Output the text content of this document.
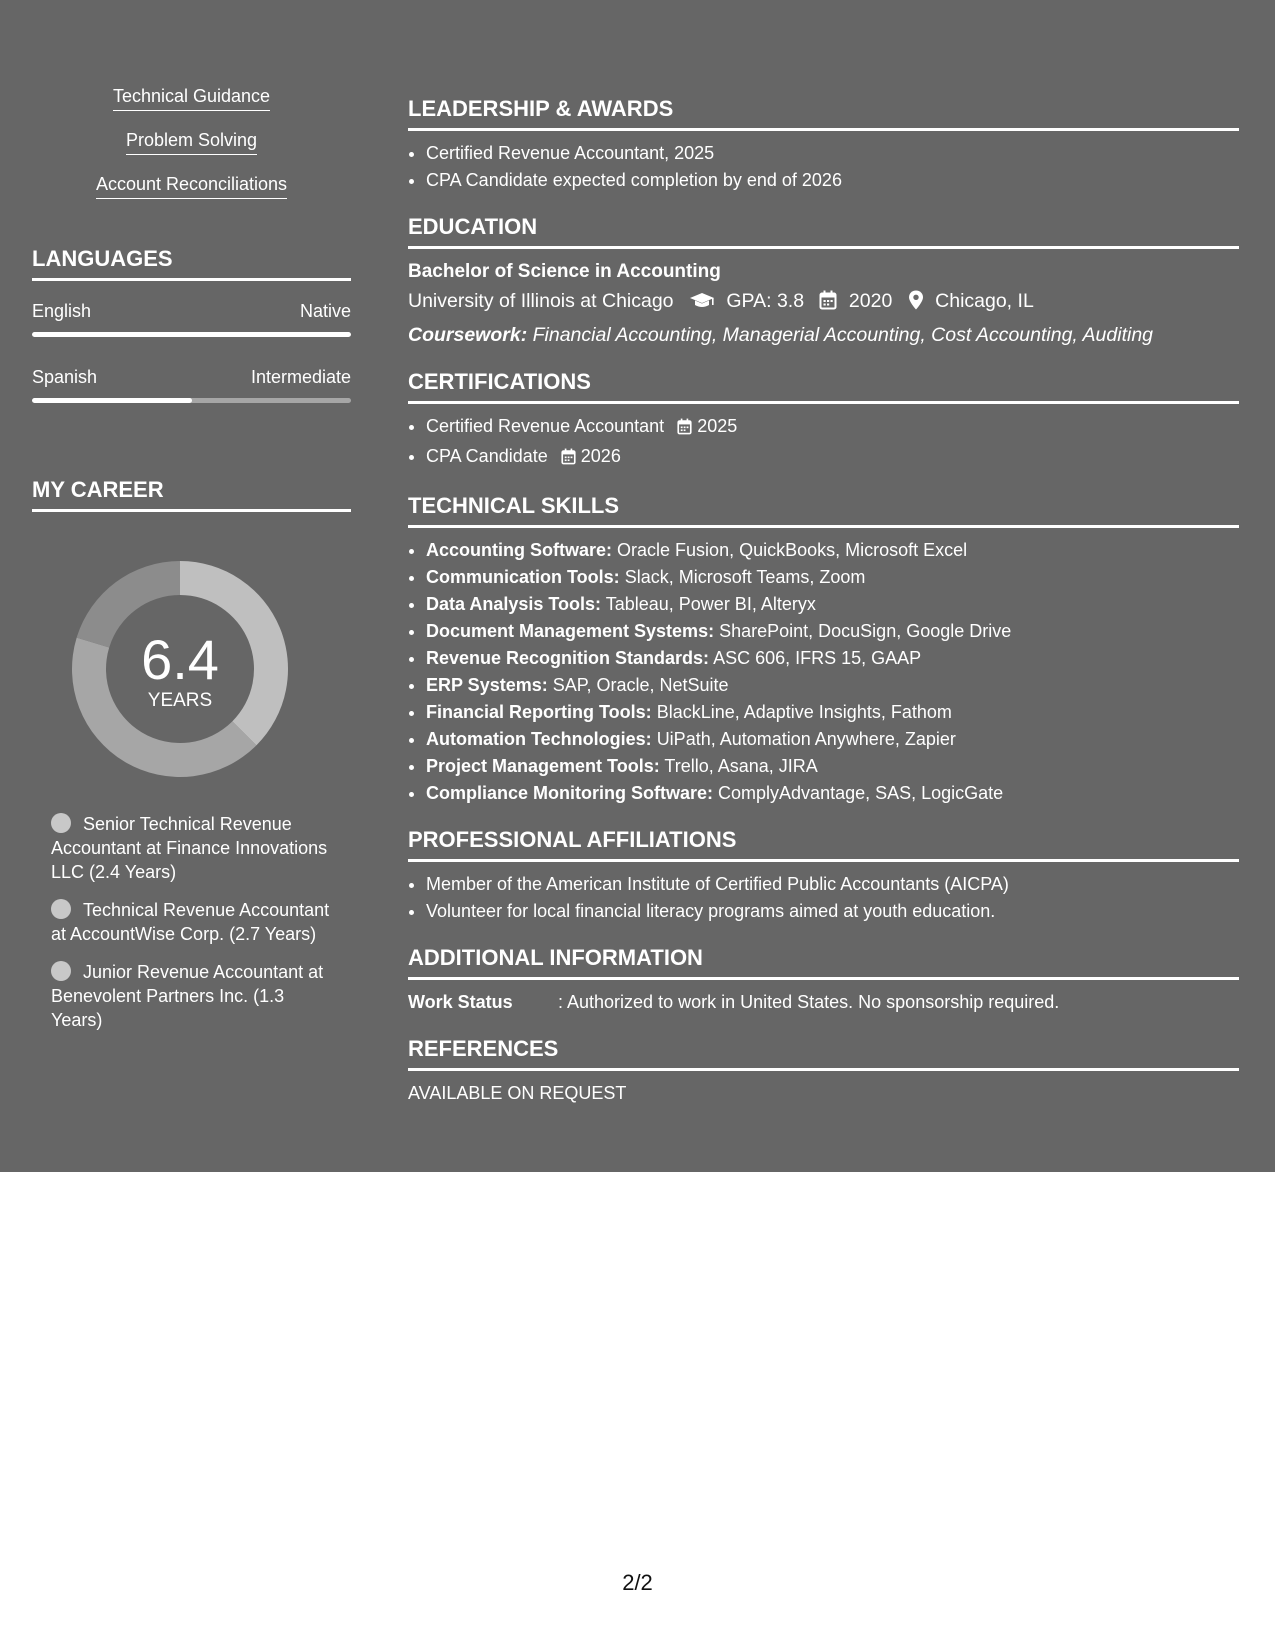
Technical Guidance
Problem Solving
Account Reconciliations
LANGUAGES
English	Native
Spanish	Intermediate
MY CAREER
6.4
YEARS
Senior Technical Revenue Accountant at Finance Innovations LLC (2.4 Years)
Technical Revenue Accountant at AccountWise Corp. (2.7 Years)
Junior Revenue Accountant at Benevolent Partners Inc. (1.3 Years)
LEADERSHIP & AWARDS
• Certified Revenue Accountant, 2025
• CPA Candidate expected completion by end of 2026
EDUCATION
Bachelor of Science in Accounting
University of Illinois at Chicago	GPA: 3.8 2020 Chicago, IL
Coursework: Financial Accounting, Managerial Accounting, Cost Accounting, Auditing
CERTIFICATIONS
• Certified Revenue Accountant 2025
• CPA Candidate 2026
TECHNICAL SKILLS
• Accounting Software: Oracle Fusion, QuickBooks, Microsoft Excel
• Communication Tools: Slack, Microsoft Teams, Zoom
• Data Analysis Tools: Tableau, Power BI, Alteryx
• Document Management Systems: SharePoint, DocuSign, Google Drive
• Revenue Recognition Standards: ASC 606, IFRS 15, GAAP
• ERP Systems: SAP, Oracle, NetSuite
• Financial Reporting Tools: BlackLine, Adaptive Insights, Fathom
• Automation Technologies: UiPath, Automation Anywhere, Zapier
• Project Management Tools: Trello, Asana, JIRA
• Compliance Monitoring Software: ComplyAdvantage, SAS, LogicGate
PROFESSIONAL AFFILIATIONS
• Member of the American Institute of Certified Public Accountants (AICPA)
• Volunteer for local financial literacy programs aimed at youth education.
ADDITIONAL INFORMATION
Work Status	: Authorized to work in United States. No sponsorship required.
REFERENCES
AVAILABLE ON REQUEST
2/2
